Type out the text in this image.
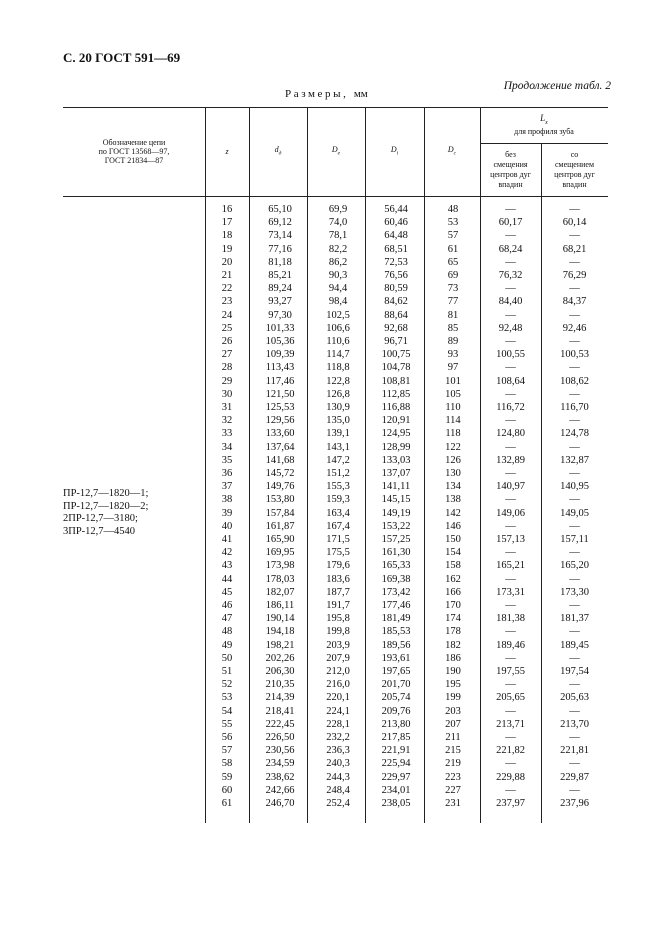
С. 20 ГОСТ 591—69
Продолжение табл. 2
Размеры, мм
Обозначение цепи
по ГОСТ 13568—97,
ГОСТ 21834—87
z	$d_д$	$D_е$	$D_i$	$D_с$
$L_x$
для профиля зуба
без
смещения
центров дуг
впадин
со
смещением
центров дуг
впадин
ПР-12,7—1820—1;
ПР-12,7—1820—2;
2ПР-12,7—3180;
3ПР-12,7—4540
16	65,10	69,9	56,44	48	—	—
17	69,12	74,0	60,46	53	60,17	60,14
18	73,14	78,1	64,48	57	—	—
19	77,16	82,2	68,51	61	68,24	68,21
20	81,18	86,2	72,53	65	—	—
21	85,21	90,3	76,56	69	76,32	76,29
22	89,24	94,4	80,59	73	—	—
23	93,27	98,4	84,62	77	84,40	84,37
24	97,30	102,5	88,64	81	—	—
25	101,33	106,6	92,68	85	92,48	92,46
26	105,36	110,6	96,71	89	—	—
27	109,39	114,7	100,75	93	100,55	100,53
28	113,43	118,8	104,78	97	—	—
29	117,46	122,8	108,81	101	108,64	108,62
30	121,50	126,8	112,85	105	—	—
31	125,53	130,9	116,88	110	116,72	116,70
32	129,56	135,0	120,91	114	—	—
33	133,60	139,1	124,95	118	124,80	124,78
34	137,64	143,1	128,99	122	—	—
35	141,68	147,2	133,03	126	132,89	132,87
36	145,72	151,2	137,07	130	—	—
37	149,76	155,3	141,11	134	140,97	140,95
38	153,80	159,3	145,15	138	—	—
39	157,84	163,4	149,19	142	149,06	149,05
40	161,87	167,4	153,22	146	—	—
41	165,90	171,5	157,25	150	157,13	157,11
42	169,95	175,5	161,30	154	—	—
43	173,98	179,6	165,33	158	165,21	165,20
44	178,03	183,6	169,38	162	—	—
45	182,07	187,7	173,42	166	173,31	173,30
46	186,11	191,7	177,46	170	—	—
47	190,14	195,8	181,49	174	181,38	181,37
48	194,18	199,8	185,53	178	—	—
49	198,21	203,9	189,56	182	189,46	189,45
50	202,26	207,9	193,61	186	—	—
51	206,30	212,0	197,65	190	197,55	197,54
52	210,35	216,0	201,70	195	—	—
53	214,39	220,1	205,74	199	205,65	205,63
54	218,41	224,1	209,76	203	—	—
55	222,45	228,1	213,80	207	213,71	213,70
56	226,50	232,2	217,85	211	—	—
57	230,56	236,3	221,91	215	221,82	221,81
58	234,59	240,3	225,94	219	—	—
59	238,62	244,3	229,97	223	229,88	229,87
60	242,66	248,4	234,01	227	—	—
61	246,70	252,4	238,05	231	237,97	237,96
